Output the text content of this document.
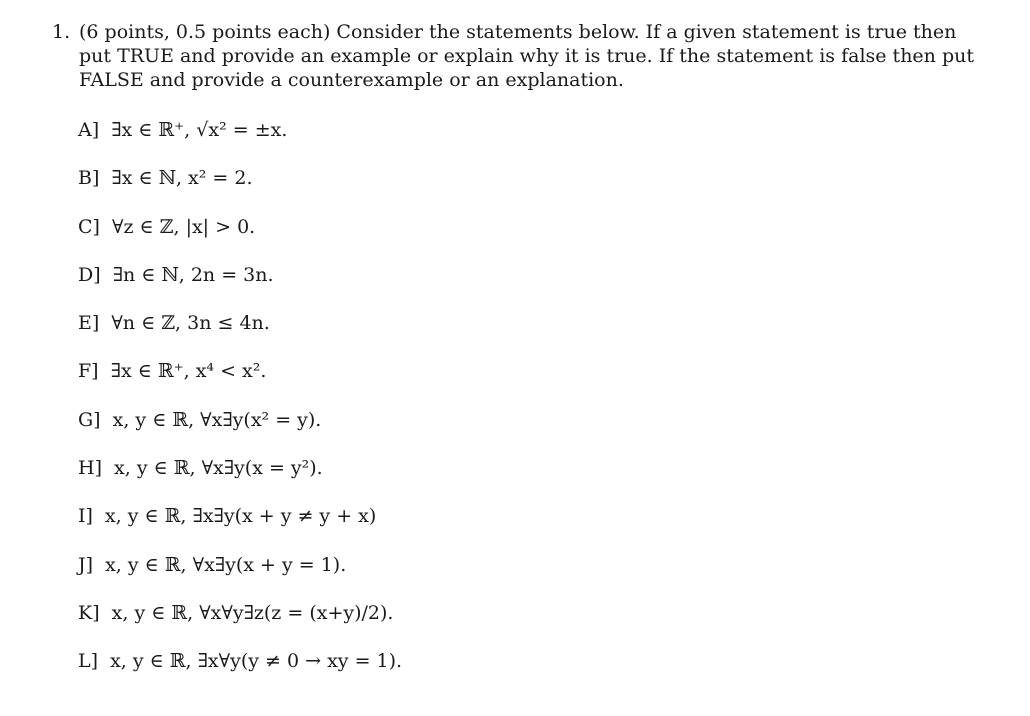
1. (6 points, 0.5 points each) Consider the statements below. If a given statement is true then put TRUE and provide an example or explain why it is true. If the statement is false then put FALSE and provide a counterexample or an explanation.
A] ∃x ∈ ℝ⁺, √x² = ±x.
B] ∃x ∈ ℕ, x² = 2.
C] ∀z ∈ ℤ, |x| > 0.
D] ∃n ∈ ℕ, 2n = 3n.
E] ∀n ∈ ℤ, 3n ≤ 4n.
F] ∃x ∈ ℝ⁺, x⁴ < x².
G] x, y ∈ ℝ, ∀x∃y(x² = y).
H] x, y ∈ ℝ, ∀x∃y(x = y²).
I] x, y ∈ ℝ, ∃x∃y(x + y ≠ y + x)
J] x, y ∈ ℝ, ∀x∃y(x + y = 1).
K] x, y ∈ ℝ, ∀x∀y∃z(z = (x+y)/2).
L] x, y ∈ ℝ, ∃x∀y(y ≠ 0 → xy = 1).
